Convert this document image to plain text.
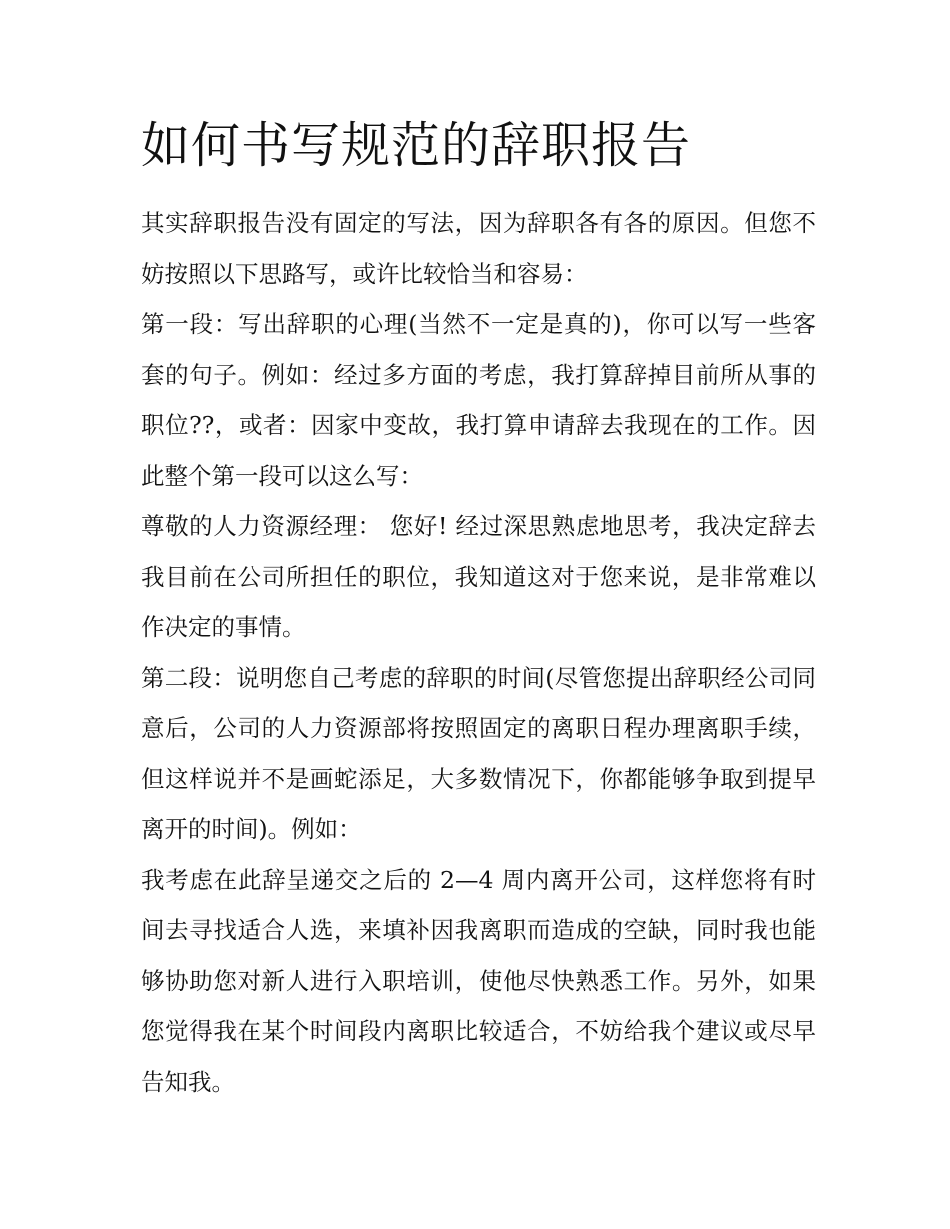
如何书写规范的辞职报告

其实辞职报告没有固定的写法，因为辞职各有各的原因。但您不妨按照以下思路写，或许比较恰当和容易：

第一段：写出辞职的心理(当然不一定是真的)，你可以写一些客套的句子。例如：经过多方面的考虑，我打算辞掉目前所从事的职位??，或者：因家中变故，我打算申请辞去我现在的工作。因此整个第一段可以这么写：

尊敬的人力资源经理： 您好! 经过深思熟虑地思考，我决定辞去我目前在公司所担任的职位，我知道这对于您来说，是非常难以作决定的事情。

第二段：说明您自己考虑的辞职的时间(尽管您提出辞职经公司同意后，公司的人力资源部将按照固定的离职日程办理离职手续，但这样说并不是画蛇添足，大多数情况下，你都能够争取到提早离开的时间)。例如：

我考虑在此辞呈递交之后的 2—4 周内离开公司，这样您将有时间去寻找适合人选，来填补因我离职而造成的空缺，同时我也能够协助您对新人进行入职培训，使他尽快熟悉工作。另外，如果您觉得我在某个时间段内离职比较适合，不妨给我个建议或尽早告知我。
